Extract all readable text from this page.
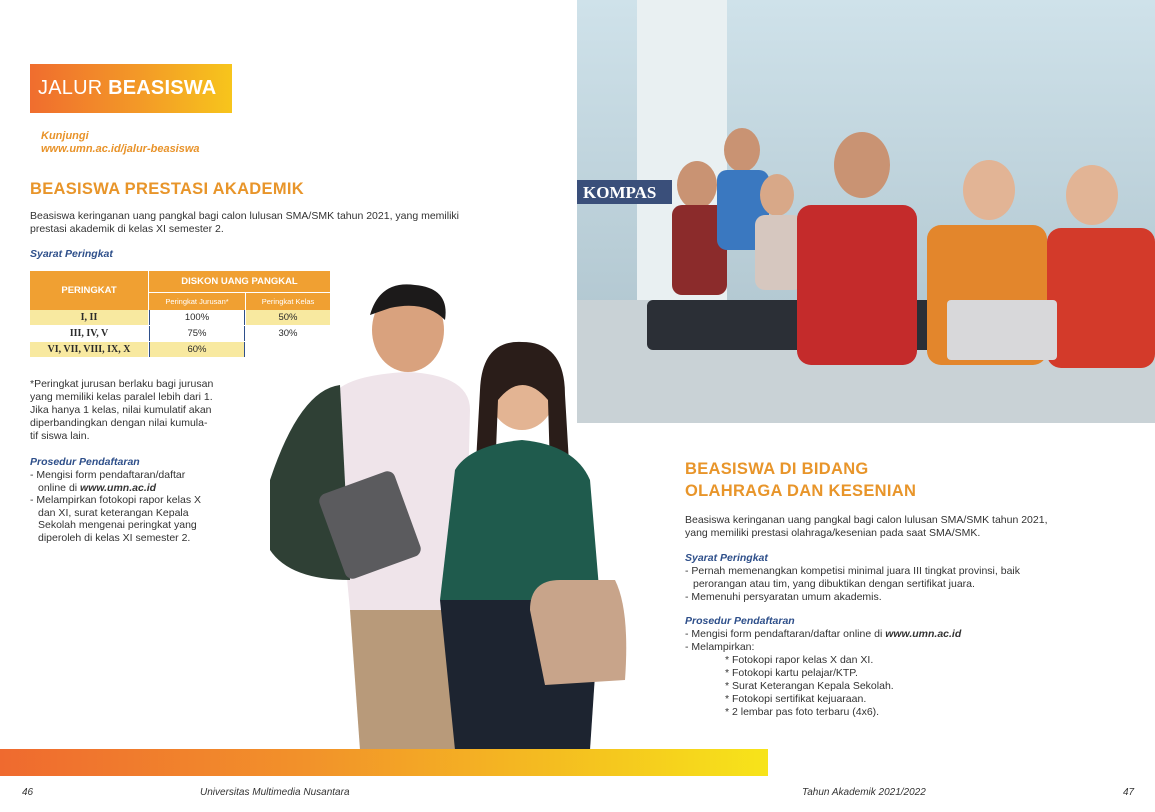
JALUR BEASISWA
Kunjungi
www.umn.ac.id/jalur-beasiswa
BEASISWA PRESTASI AKADEMIK
Beasiswa keringanan uang pangkal bagi calon lulusan SMA/SMK tahun 2021, yang memiliki
prestasi akademik di kelas XI semester 2.
Syarat Peringkat
PERINGKAT
DISKON UANG PANGKAL
Peringkat Jurusan*	Peringkat Kelas
I, II	100%	50%
III, IV, V	75%	30%
VI, VII, VIII, IX, X	60%
*Peringkat jurusan berlaku bagi jurusan
yang memiliki kelas paralel lebih dari 1.
Jika hanya 1 kelas, nilai kumulatif akan
diperbandingkan dengan nilai kumula-
tif siswa lain.
Prosedur Pendaftaran
- Mengisi form pendaftaran/daftar
online di www.umn.ac.id
- Melampirkan fotokopi rapor kelas X
dan XI, surat keterangan Kepala
Sekolah mengenai peringkat yang
diperoleh di kelas XI semester 2.
KOMPAS
BEASISWA DI BIDANG
OLAHRAGA DAN KESENIAN
Beasiswa keringanan uang pangkal bagi calon lulusan SMA/SMK tahun 2021,
yang memiliki prestasi olahraga/kesenian pada saat SMA/SMK.
Syarat Peringkat
- Pernah memenangkan kompetisi minimal juara III tingkat provinsi, baik
perorangan atau tim, yang dibuktikan dengan sertifikat juara.
- Memenuhi persyaratan umum akademis.
Prosedur Pendaftaran
- Mengisi form pendaftaran/daftar online di www.umn.ac.id
- Melampirkan:
* Fotokopi rapor kelas X dan XI.
* Fotokopi kartu pelajar/KTP.
* Surat Keterangan Kepala Sekolah.
* Fotokopi sertifikat kejuaraan.
* 2 lembar pas foto terbaru (4x6).
46	Universitas Multimedia Nusantara	Tahun Akademik 2021/2022	47
